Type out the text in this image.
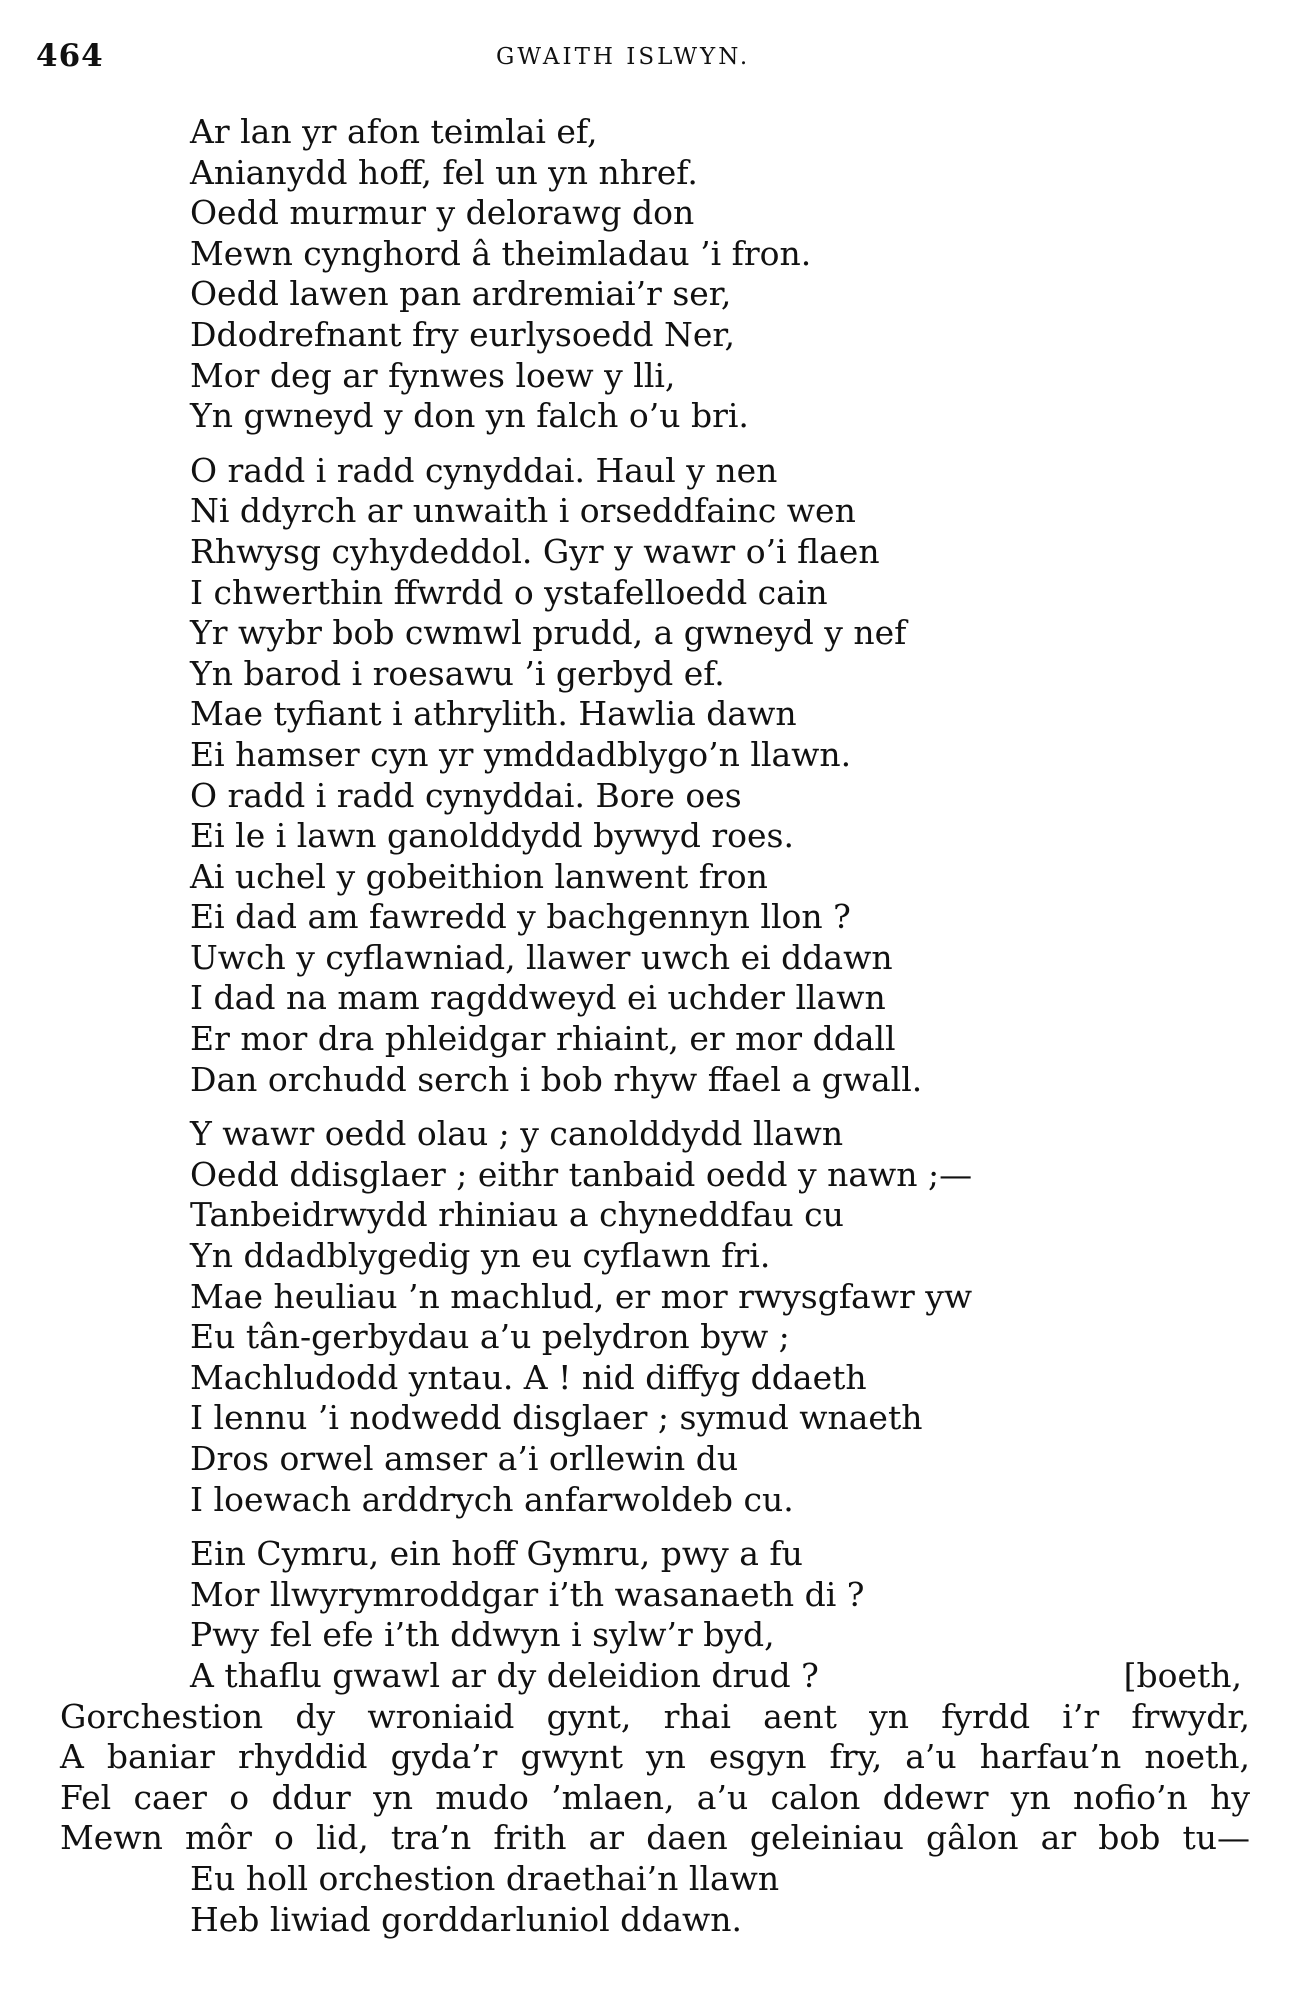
464	GWAITH ISLWYN.
Ar lan yr afon teimlai ef,
Anianydd hoff, fel un yn nhref.
Oedd murmur y delorawg don
Mewn cynghord â theimladau ’i fron.
Oedd lawen pan ardremiai’r ser,
Ddodrefnant fry eurlysoedd Ner,
Mor deg ar fynwes loew y lli,
Yn gwneyd y don yn falch o’u bri.
O radd i radd cynyddai. Haul y nen
Ni ddyrch ar unwaith i orseddfainc wen
Rhwysg cyhydeddol. Gyr y wawr o’i flaen
I chwerthin ffwrdd o ystafelloedd cain
Yr wybr bob cwmwl prudd, a gwneyd y nef
Yn barod i roesawu ’i gerbyd ef.
Mae tyfiant i athrylith. Hawlia dawn
Ei hamser cyn yr ymddadblygo’n llawn.
O radd i radd cynyddai. Bore oes
Ei le i lawn ganolddydd bywyd roes.
Ai uchel y gobeithion lanwent fron
Ei dad am fawredd y bachgennyn llon ?
Uwch y cyflawniad, llawer uwch ei ddawn
I dad na mam ragddweyd ei uchder llawn
Er mor dra phleidgar rhiaint, er mor ddall
Dan orchudd serch i bob rhyw ffael a gwall.
Y wawr oedd olau ; y canolddydd llawn
Oedd ddisglaer ; eithr tanbaid oedd y nawn ;—
Tanbeidrwydd rhiniau a chyneddfau cu
Yn ddadblygedig yn eu cyflawn fri.
Mae heuliau ’n machlud, er mor rwysgfawr yw
Eu tân-gerbydau a’u pelydron byw ;
Machludodd yntau. A ! nid diffyg ddaeth
I lennu ’i nodwedd disglaer ; symud wnaeth
Dros orwel amser a’i orllewin du
I loewach arddrych anfarwoldeb cu.
Ein Cymru, ein hoff Gymru, pwy a fu
Mor llwyrymroddgar i’th wasanaeth di ?
Pwy fel efe i’th ddwyn i sylw’r byd,
A thaflu gwawl ar dy deleidion drud ?	[boeth,
Gorchestion dy wroniaid gynt, rhai aent yn fyrdd i’r frwydr,
A baniar rhyddid gyda’r gwynt yn esgyn fry, a’u harfau’n noeth,
Fel caer o ddur yn mudo ’mlaen, a’u calon ddewr yn nofio’n hy
Mewn môr o lid, tra’n frith ar daen geleiniau gâlon ar bob tu—
Eu holl orchestion draethai’n llawn
Heb liwiad gorddarluniol ddawn.
